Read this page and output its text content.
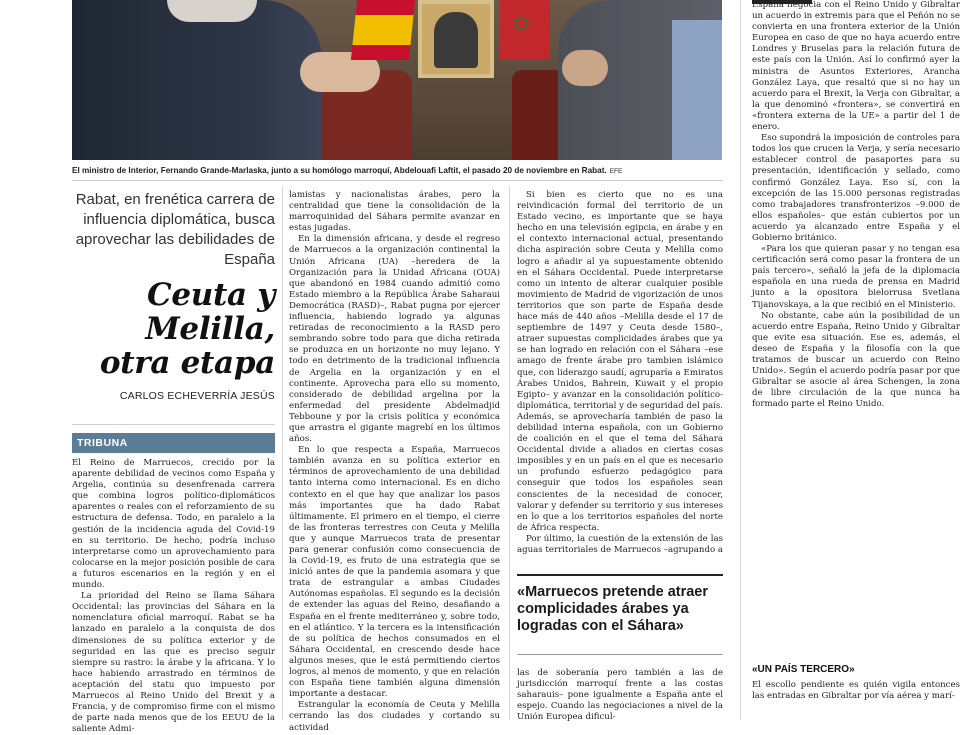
✩
El ministro de Interior, Fernando Grande-Marlaska, junto a su homólogo marroquí, Abdelouafi Laftit, el pasado 20 de noviembre en Rabat. EFE

Rabat, en frenética carrera de influencia diplomática, busca aprovechar las debilidades de España

Ceuta y Melilla, otra etapa

CARLOS ECHEVERRÍA JESÚS
TRIBUNA

El Reino de Marruecos, crecido por la aparente debilidad de vecinos como España y Argelia, continúa su desenfrenada carrera que combina logros político-diplomáticos aparentes o reales con el reforzamiento de su estructura de defensa. Todo, en paralelo a la gestión de la incidencia aguda del Covid-19 en su territorio. De hecho, podría incluso interpretarse como un aprovechamiento para colocarse en la mejor posición posible de cara a futuros escenarios en la región y en el mundo.

La prioridad del Reino se llama Sáhara Occidental: las provincias del Sáhara en la nomenclatura oficial marroquí. Rabat se ha lanzado en paralelo a la conquista de dos dimensiones de su política exterior y de seguridad en las que es preciso seguir siempre su rastro: la árabe y la africana. Y lo hace habiendo arrastrado en términos de aceptación del statu quo impuesto por Marruecos al Reino Unido del Brexit y a Francia, y de compromiso firme con el mismo de parte nada menos que de los EEUU de la saliente Admi-

lamistas y nacionalistas árabes, pero la centralidad que tiene la consolidación de la marroquinidad del Sáhara permite avanzar en estas jugadas.

En la dimensión africana, y desde el regreso de Marruecos a la organización continental la Unión Africana (UA) –heredera de la Organización para la Unidad Africana (OUA) que abandonó en 1984 cuando admitió como Estado miembro a la República Árabe Saharaui Democrática (RASD)–, Rabat pugna por ejercer influencia, habiendo logrado ya algunas retiradas de reconocimiento a la RASD pero sembrando sobre todo para que dicha retirada se produzca en un horizonte no muy lejano. Y todo en detrimento de la tradicional influencia de Argelia en la organización y en el continente. Aprovecha para ello su momento, considerado de debilidad argelina por la enfermedad del presidente Abdelmadjid Tebboune y por la crisis política y económica que arrastra el gigante magrebí en los últimos años.

En lo que respecta a España, Marruecos también avanza en su política exterior en términos de aprovechamiento de una debilidad tanto interna como internacional. Es en dicho contexto en el que hay que analizar los pasos más importantes que ha dado Rabat últimamente. El primero en el tiempo, el cierre de las fronteras terrestres con Ceuta y Melilla que y aunque Marruecos trata de presentar para generar confusión como consecuencia de la Covid-19, es fruto de una estrategia que se inició antes de que la pandemia asomara y que trata de estrangular a ambas Ciudades Autónomas españolas. El segundo es la decisión de extender las aguas del Reino, desafiando a España en el frente mediterráneo y, sobre todo, en el atlántico. Y la tercera es la intensificación de su política de hechos consumados en el Sáhara Occidental, en crescendo desde hace algunos meses, que le está permitiendo ciertos logros, al menos de momento, y que en relación con España tiene también alguna dimensión importante a destacar.

Estrangular la economía de Ceuta y Melilla cerrando las dos ciudades y cortando su actividad

Si bien es cierto que no es una reivindicación formal del territorio de un Estado vecino, es importante que se haya hecho en una televisión egipcia, en árabe y en el contexto internacional actual, presentando dicha aspiración sobre Ceuta y Melilla como logro a añadir al ya supuestamente obtenido en el Sáhara Occidental. Puede interpretarse como un intento de alterar cualquier posible movimiento de Madrid de vigorización de unos territorios que son parte de España desde hace más de 440 años –Melilla desde el 17 de septiembre de 1497 y Ceuta desde 1580–, atraer supuestas complicidades árabes que ya se han logrado en relación con el Sáhara –ese amago de frente árabe pro tambien islámico que, con liderazgo saudí, agruparía a Emiratos Árabes Unidos, Bahrein, Kuwait y el propio Egipto– y avanzar en la consolidación político-diplomática, territorial y de seguridad del país. Además, se aprovecharía también de paso la debilidad interna española, con un Gobierno de coalición en el que el tema del Sáhara Occidental divide a aliados en ciertas cosas imposibles y en un país en el que es necesario un profundo esfuerzo pedagógico para conseguir que todos los españoles sean conscientes de la necesidad de conocer, valorar y defender su territorio y sus intereses en lo que a los territorios españoles del norte de África respecta.

Por último, la cuestión de la extensión de las aguas territoriales de Marruecos –agrupando a

«Marruecos pretende atraer complicidades árabes ya logradas con el Sáhara»

las de soberanía pero también a las de jurisdicción marroquí frente a las costas saharauis– pone igualmente a España ante el espejo. Cuando las negociaciones a nivel de la Unión Europea dificul-

España negocia con el Reino Unido y Gibraltar un acuerdo in extremis para que el Peñón no se convierta en una frontera exterior de la Unión Europea en caso de que no haya acuerdo entre Londres y Bruselas para la relación futura de este país con la Unión. Así lo confirmó ayer la ministra de Asuntos Exteriores, Arancha González Laya, que resaltó que si no hay un acuerdo para el Brexit, la Verja con Gibraltar, a la que denominó «frontera», se convertirá en «frontera externa de la UE» a partir del 1 de enero.

Eso supondrá la imposición de controles para todos los que crucen la Verja, y sería necesario establecer control de pasaportes para su presentación, identificación y sellado, como confirmó González Laya. Eso sí, con la excepción de las 15.000 personas registradas como trabajadores transfronterizos –9.000 de ellos españoles– que están cubiertos por un acuerdo ya alcanzado entre España y el Gobierno británico.

«Para los que quieran pasar y no tengan esa certificación será como pasar la frontera de un país tercero», señaló la jefa de la diplomacia española en una rueda de prensa en Madrid junto a la opositora bielorrusa Svetlana Tijanovskaya, a la que recibió en el Ministerio.

No obstante, cabe aún la posibilidad de un acuerdo entre España, Reino Unido y Gibraltar que evite esa situación. Ese es, además, el deseo de España y la filosofía con la que tratamos de buscar un acuerdo con Reino Unido». Según el acuerdo podría pasar por que Gibraltar se asocie al área Schengen, la zona de libre circulación de la que nunca ha formado parte el Reino Unido.

«UN PAÍS TERCERO»

El escollo pendiente es quién vigila entonces las entradas en Gibraltar por vía aérea y marí-
